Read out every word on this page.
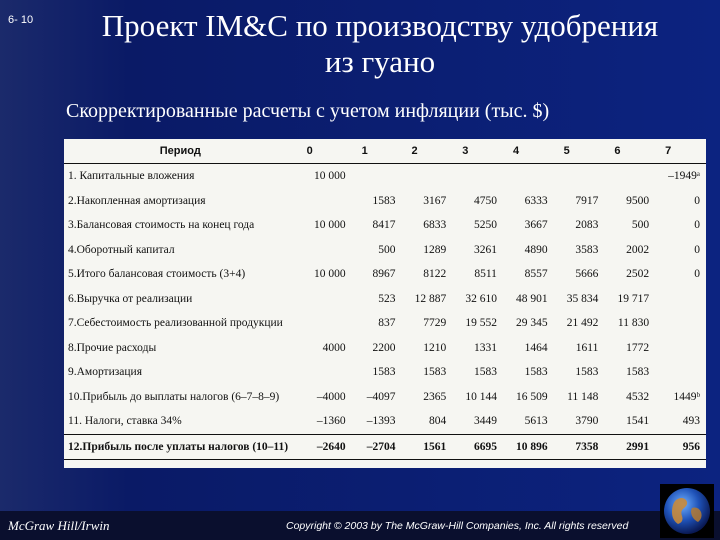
6- 10	Проект IM&C по производству удобрения
из гуано
Скорректированные расчеты с учетом инфляции (тыс. $)
Период	0	1	2	3	4	5	6	7
1. Капитальные вложения	10 000							–1949ᵃ
2.Накопленная амортизация		1583	3167	4750	6333	7917	9500	0
3.Балансовая стоимость на конец года	10 000	8417	6833	5250	3667	2083	500	0
4.Оборотный капитал		500	1289	3261	4890	3583	2002	0
5.Итого балансовая стоимость (3+4)	10 000	8967	8122	8511	8557	5666	2502	0
6.Выручка от реализации		523	12 887	32 610	48 901	35 834	19 717	
7.Себестоимость реализованной продукции		837	7729	19 552	29 345	21 492	11 830	
8.Прочие расходы	4000	2200	1210	1331	1464	1611	1772	
9.Амортизация		1583	1583	1583	1583	1583	1583	
10.Прибыль до выплаты налогов (6–7–8–9)	–4000	–4097	2365	10 144	16 509	11 148	4532	1449ᵇ
11. Налоги, ставка 34%	–1360	–1393	804	3449	5613	3790	1541	493
12.Прибыль после уплаты налогов (10–11)	–2640	–2704	1561	6695	10 896	7358	2991	956
McGraw Hill/Irwin	Copyright © 2003 by The McGraw-Hill Companies, Inc. All rights reserved
